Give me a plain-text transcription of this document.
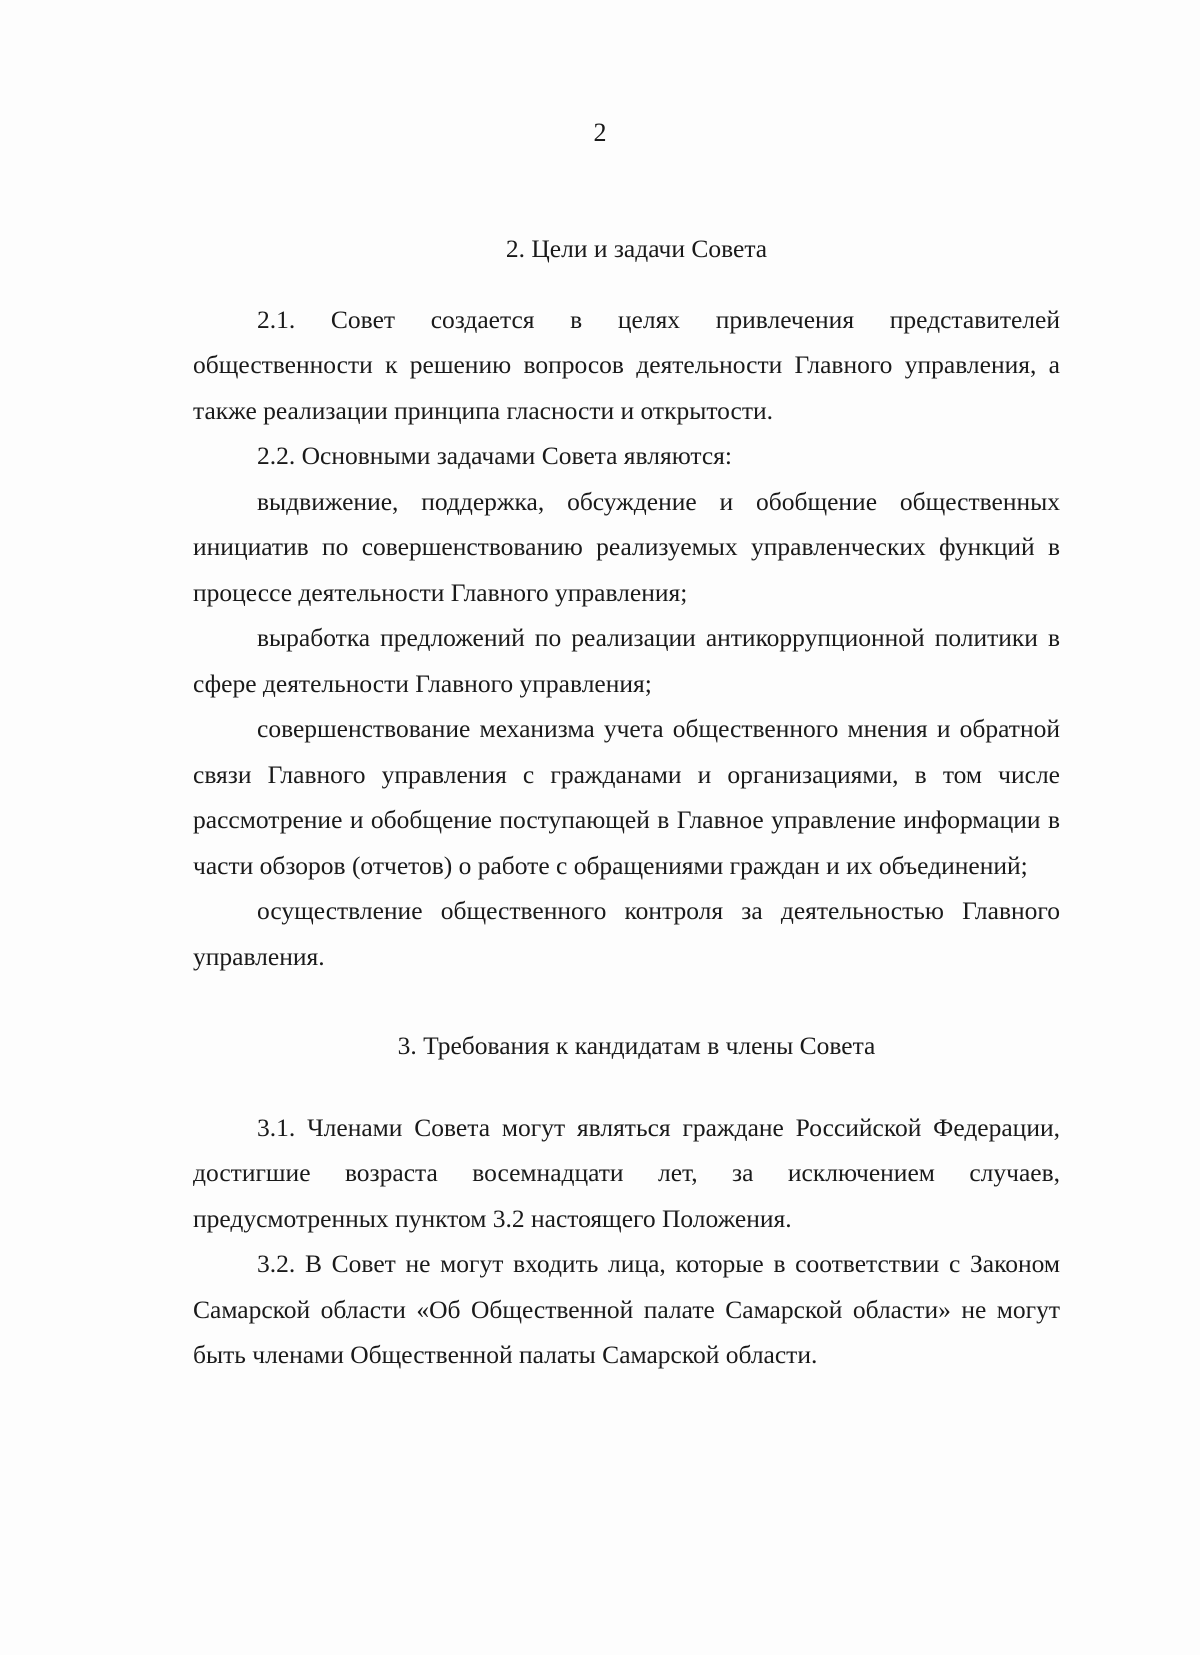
2
2. Цели и задачи Совета

2.1. Совет создается в целях привлечения представителей общественности к решению вопросов деятельности Главного управления, а также реализации принципа гласности и открытости.

2.2. Основными задачами Совета являются:

выдвижение, поддержка, обсуждение и обобщение общественных инициатив по совершенствованию реализуемых управленческих функций в процессе деятельности Главного управления;

выработка предложений по реализации антикоррупционной политики в сфере деятельности Главного управления;

совершенствование механизма учета общественного мнения и обратной связи Главного управления с гражданами и организациями, в том числе рассмотрение и обобщение поступающей в Главное управление информации в части обзоров (отчетов) о работе с обращениями граждан и их объединений;

осуществление общественного контроля за деятельностью Главного управления.

3. Требования к кандидатам в члены Совета

3.1. Членами Совета могут являться граждане Российской Федерации, достигшие возраста восемнадцати лет, за исключением случаев, предусмотренных пунктом 3.2 настоящего Положения.

3.2. В Совет не могут входить лица, которые в соответствии с Законом Самарской области «Об Общественной палате Самарской области» не могут быть членами Общественной палаты Самарской области.
